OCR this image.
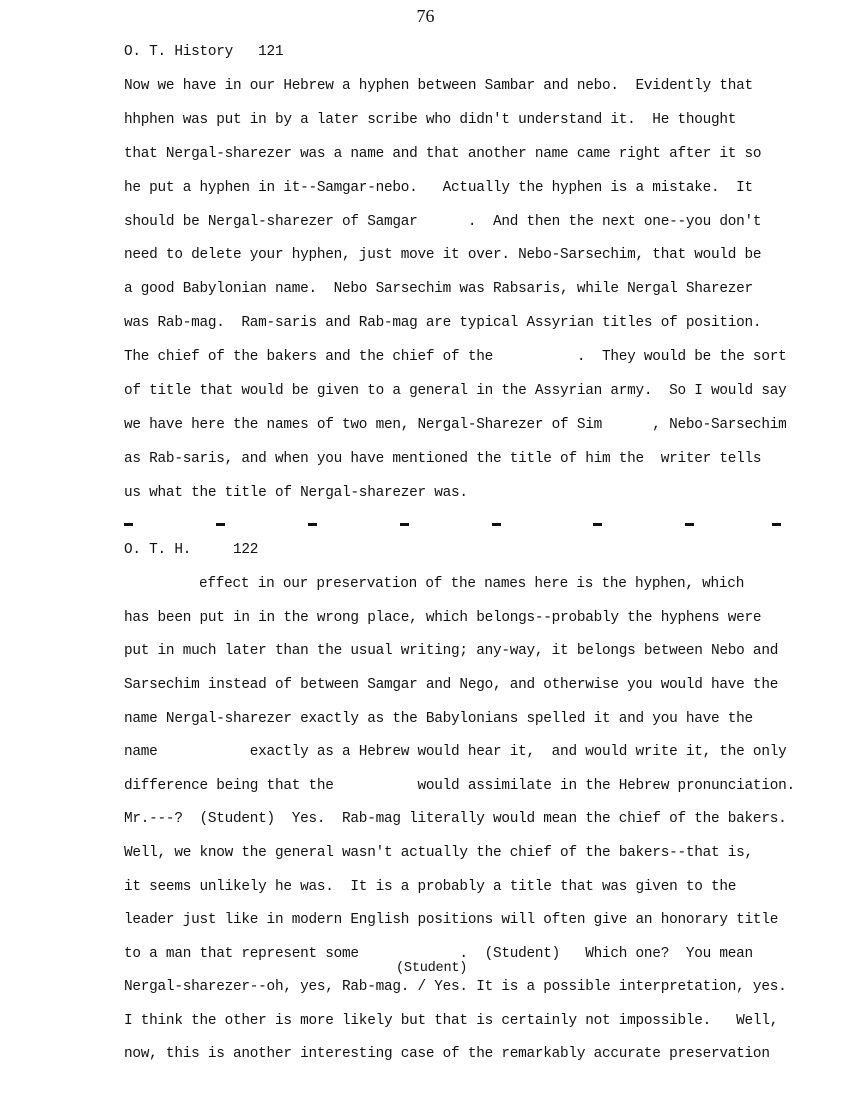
76
O. T. History   121
Now we have in our Hebrew a hyphen between Sambar and nebo.  Evidently that
hhphen was put in by a later scribe who didn't understand it.  He thought
that Nergal-sharezer was a name and that another name came right after it so
he put a hyphen in it--Samgar-nebo.   Actually the hyphen is a mistake.  It
should be Nergal-sharezer of Samgar      .  And then the next one--you don't
need to delete your hyphen, just move it over. Nebo-Sarsechim, that would be
a good Babylonian name.  Nebo Sarsechim was Rabsaris, while Nergal Sharezer
was Rab-mag.  Ram-saris and Rab-mag are typical Assyrian titles of position.
The chief of the bakers and the chief of the          .  They would be the sort
of title that would be given to a general in the Assyrian army.  So I would say
we have here the names of two men, Nergal-Sharezer of Sim      , Nebo-Sarsechim
as Rab-saris, and when you have mentioned the title of him the  writer tells
us what the title of Nergal-sharezer was.
O. T. H.     122
effect in our preservation of the names here is the hyphen, which
has been put in in the wrong place, which belongs--probably the hyphens were
put in much later than the usual writing; any-way, it belongs between Nebo and
Sarsechim instead of between Samgar and Nego, and otherwise you would have the
name Nergal-sharezer exactly as the Babylonians spelled it and you have the
name           exactly as a Hebrew would hear it,  and would write it, the only
difference being that the          would assimilate in the Hebrew pronunciation.
Mr.---?  (Student)  Yes.  Rab-mag literally would mean the chief of the bakers.
Well, we know the general wasn't actually the chief of the bakers--that is,
it seems unlikely he was.  It is a probably a title that was given to the
leader just like in modern English positions will often give an honorary title
to a man that represent some            .  (Student)   Which one?  You mean
(Student)
Nergal-sharezer--oh, yes, Rab-mag. / Yes. It is a possible interpretation, yes.
I think the other is more likely but that is certainly not impossible.   Well,
now, this is another interesting case of the remarkably accurate preservation
